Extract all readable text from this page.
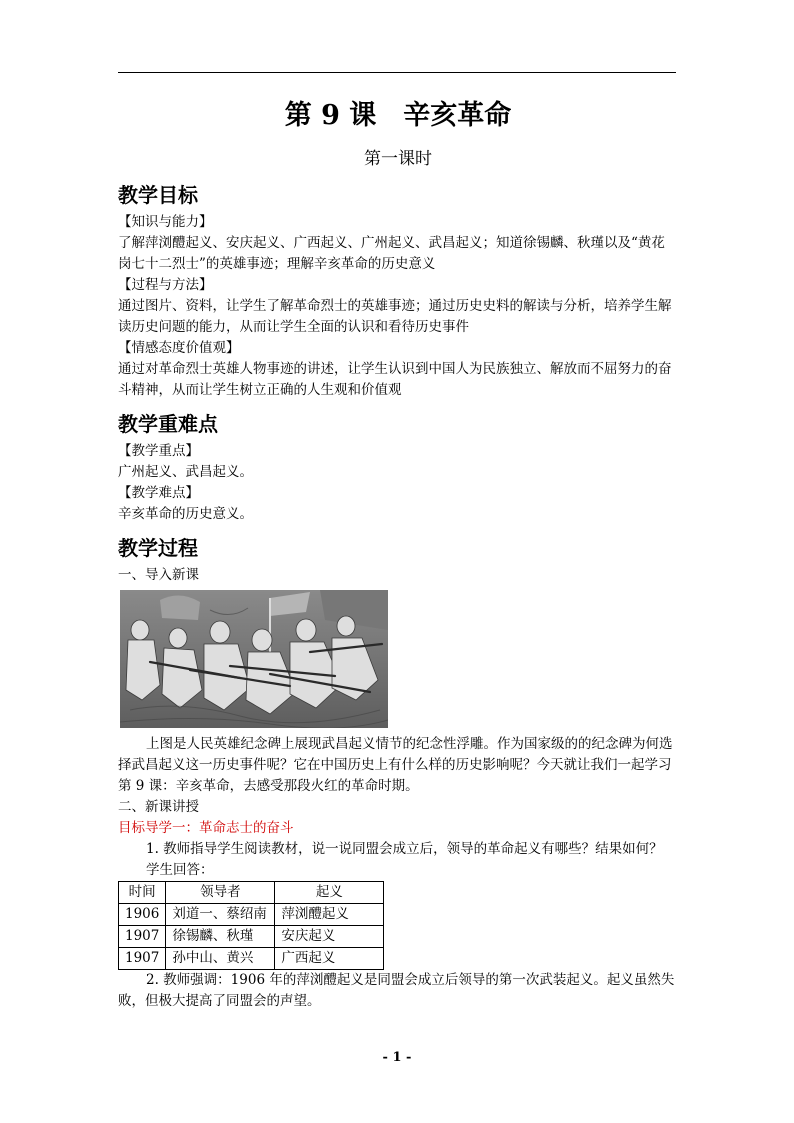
第 9 课　辛亥革命
第一课时
教学目标

【知识与能力】

了解萍浏醴起义、安庆起义、广西起义、广州起义、武昌起义；知道徐锡麟、秋瑾以及“黄花岗七十二烈士”的英雄事迹；理解辛亥革命的历史意义

【过程与方法】

通过图片、资料，让学生了解革命烈士的英雄事迹；通过历史史料的解读与分析，培养学生解读历史问题的能力，从而让学生全面的认识和看待历史事件

【情感态度价值观】

通过对革命烈士英雄人物事迹的讲述，让学生认识到中国人为民族独立、解放而不屈努力的奋斗精神，从而让学生树立正确的人生观和价值观

教学重难点

【教学重点】

广州起义、武昌起义。

【教学难点】

辛亥革命的历史意义。

教学过程

一、导入新课

上图是人民英雄纪念碑上展现武昌起义情节的纪念性浮雕。作为国家级的的纪念碑为何选择武昌起义这一历史事件呢？它在中国历史上有什么样的历史影响呢？今天就让我们一起学习第 9 课：辛亥革命，去感受那段火红的革命时期。

二、新课讲授

目标导学一：革命志士的奋斗

1. 教师指导学生阅读教材，说一说同盟会成立后，领导的革命起义有哪些？结果如何？

学生回答：

时间	领导者	起义
1906	刘道一、蔡绍南	萍浏醴起义
1907	徐锡麟、秋瑾	安庆起义
1907	孙中山、黄兴	广西起义

2. 教师强调：1906 年的萍浏醴起义是同盟会成立后领导的第一次武装起义。起义虽然失败，但极大提高了同盟会的声望。

- 1 -
